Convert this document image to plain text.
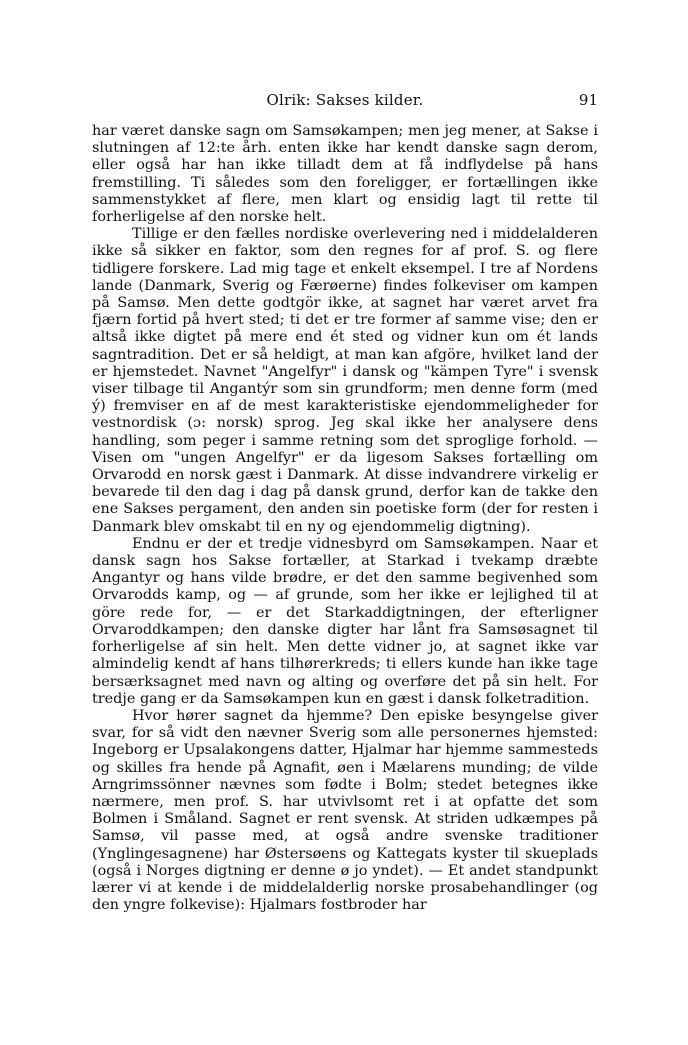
Olrik: Sakses kilder.	91

har været danske sagn om Samsøkampen; men jeg mener, at Sakse i slutningen af 12:te årh. enten ikke har kendt danske sagn derom, eller også har han ikke tilladt dem at få indflydelse på hans fremstilling. Ti således som den foreligger, er fortællingen ikke sammenstykket af flere, men klart og ensidig lagt til rette til forherligelse af den norske helt.

Tillige er den fælles nordiske overlevering ned i middelalderen ikke så sikker en faktor, som den regnes for af prof. S. og flere tidligere forskere. Lad mig tage et enkelt eksempel. I tre af Nordens lande (Danmark, Sverig og Færøerne) findes folkeviser om kampen på Samsø. Men dette godtgör ikke, at sagnet har været arvet fra fjærn fortid på hvert sted; ti det er tre former af samme vise; den er altså ikke digtet på mere end ét sted og vidner kun om ét lands sagntradition. Det er så heldigt, at man kan afgöre, hvilket land der er hjemstedet. Navnet "Angelfyr" i dansk og "kämpen Tyre" i svensk viser tilbage til Angantýr som sin grundform; men denne form (med ý) fremviser en af de mest karakteristiske ejendommeligheder for vestnordisk (ɔ: norsk) sprog. Jeg skal ikke her analysere dens handling, som peger i samme retning som det sproglige forhold. — Visen om "ungen Angelfyr" er da ligesom Sakses fortælling om Orvarodd en norsk gæst i Danmark. At disse indvandrere virkelig er bevarede til den dag i dag på dansk grund, derfor kan de takke den ene Sakses pergament, den anden sin poetiske form (der for resten i Danmark blev omskabt til en ny og ejendommelig digtning).

Endnu er der et tredje vidnesbyrd om Samsøkampen. Naar et dansk sagn hos Sakse fortæller, at Starkad i tvekamp dræbte Angantyr og hans vilde brødre, er det den samme begivenhed som Orvarodds kamp, og — af grunde, som her ikke er lejlighed til at göre rede for, — er det Starkaddigtningen, der efterligner Orvaroddkampen; den danske digter har lånt fra Samsøsagnet til forherligelse af sin helt. Men dette vidner jo, at sagnet ikke var almindelig kendt af hans tilhørerkreds; ti ellers kunde han ikke tage bersærksagnet med navn og alting og overføre det på sin helt. For tredje gang er da Samsøkampen kun en gæst i dansk folketradition.

Hvor hører sagnet da hjemme? Den episke besyngelse giver svar, for så vidt den nævner Sverig som alle personernes hjemsted: Ingeborg er Upsalakongens datter, Hjalmar har hjemme sammesteds og skilles fra hende på Agnafit, øen i Mælarens munding; de vilde Arngrimssönner nævnes som fødte i Bolm; stedet betegnes ikke nærmere, men prof. S. har utvivlsomt ret i at opfatte det som Bolmen i Småland. Sagnet er rent svensk. At striden udkæmpes på Samsø, vil passe med, at også andre svenske traditioner (Ynglingesagnene) har Østersøens og Kattegats kyster til skueplads (også i Norges digtning er denne ø jo yndet). — Et andet standpunkt lærer vi at kende i de middelalderlig norske prosabehandlinger (og den yngre folkevise): Hjalmars fostbroder har
